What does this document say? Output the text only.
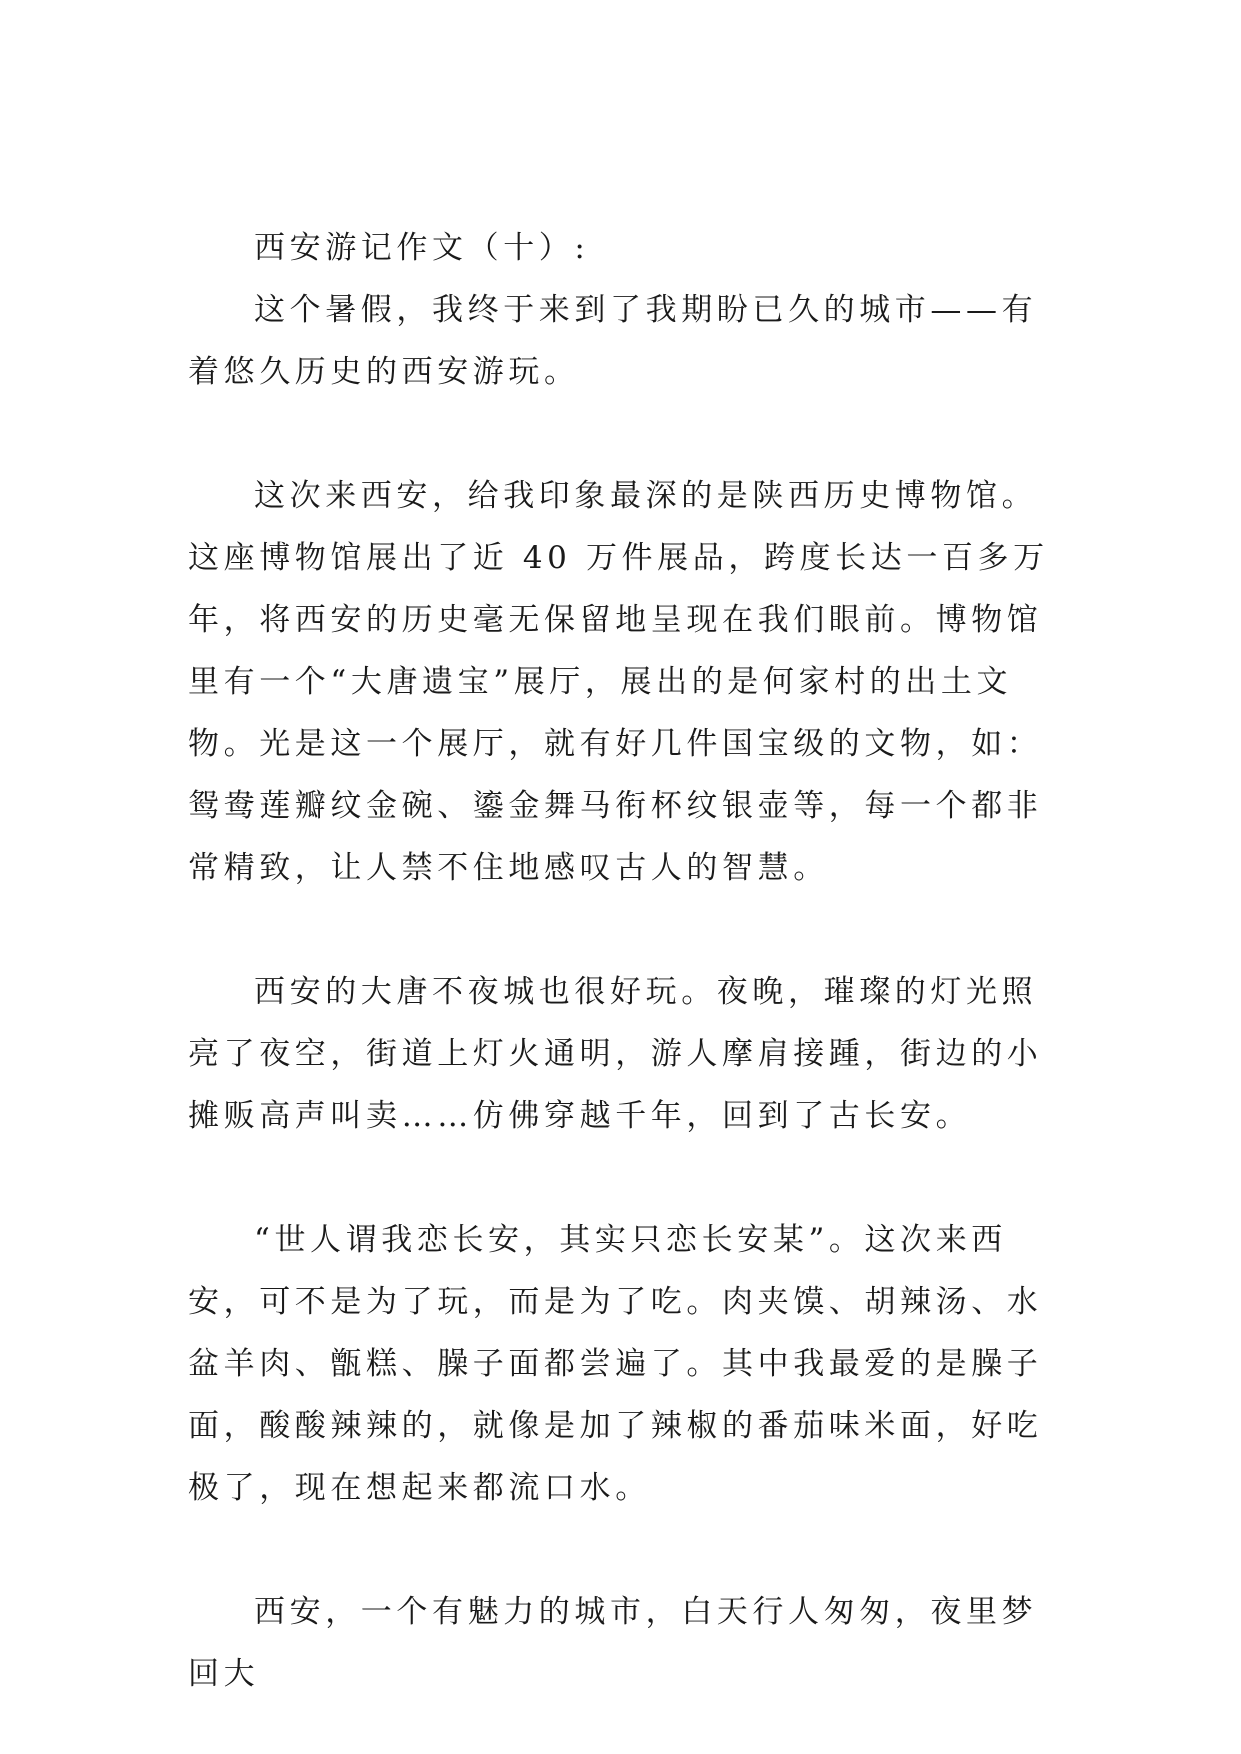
西安游记作文（十）:

这个暑假，我终于来到了我期盼已久的城市——有着悠久历史的西安游玩。

这次来西安，给我印象最深的是陕西历史博物馆。这座博物馆展出了近 40 万件展品，跨度长达一百多万年，将西安的历史毫无保留地呈现在我们眼前。博物馆里有一个“大唐遗宝”展厅，展出的是何家村的出土文物。光是这一个展厅，就有好几件国宝级的文物，如：鸳鸯莲瓣纹金碗、鎏金舞马衔杯纹银壶等，每一个都非常精致，让人禁不住地感叹古人的智慧。

西安的大唐不夜城也很好玩。夜晚，璀璨的灯光照亮了夜空，街道上灯火通明，游人摩肩接踵，街边的小摊贩高声叫卖……仿佛穿越千年，回到了古长安。

“世人谓我恋长安，其实只恋长安某”。这次来西安，可不是为了玩，而是为了吃。肉夹馍、胡辣汤、水盆羊肉、甑糕、臊子面都尝遍了。其中我最爱的是臊子面，酸酸辣辣的，就像是加了辣椒的番茄味米面，好吃极了，现在想起来都流口水。

西安，一个有魅力的城市，白天行人匆匆，夜里梦回大
